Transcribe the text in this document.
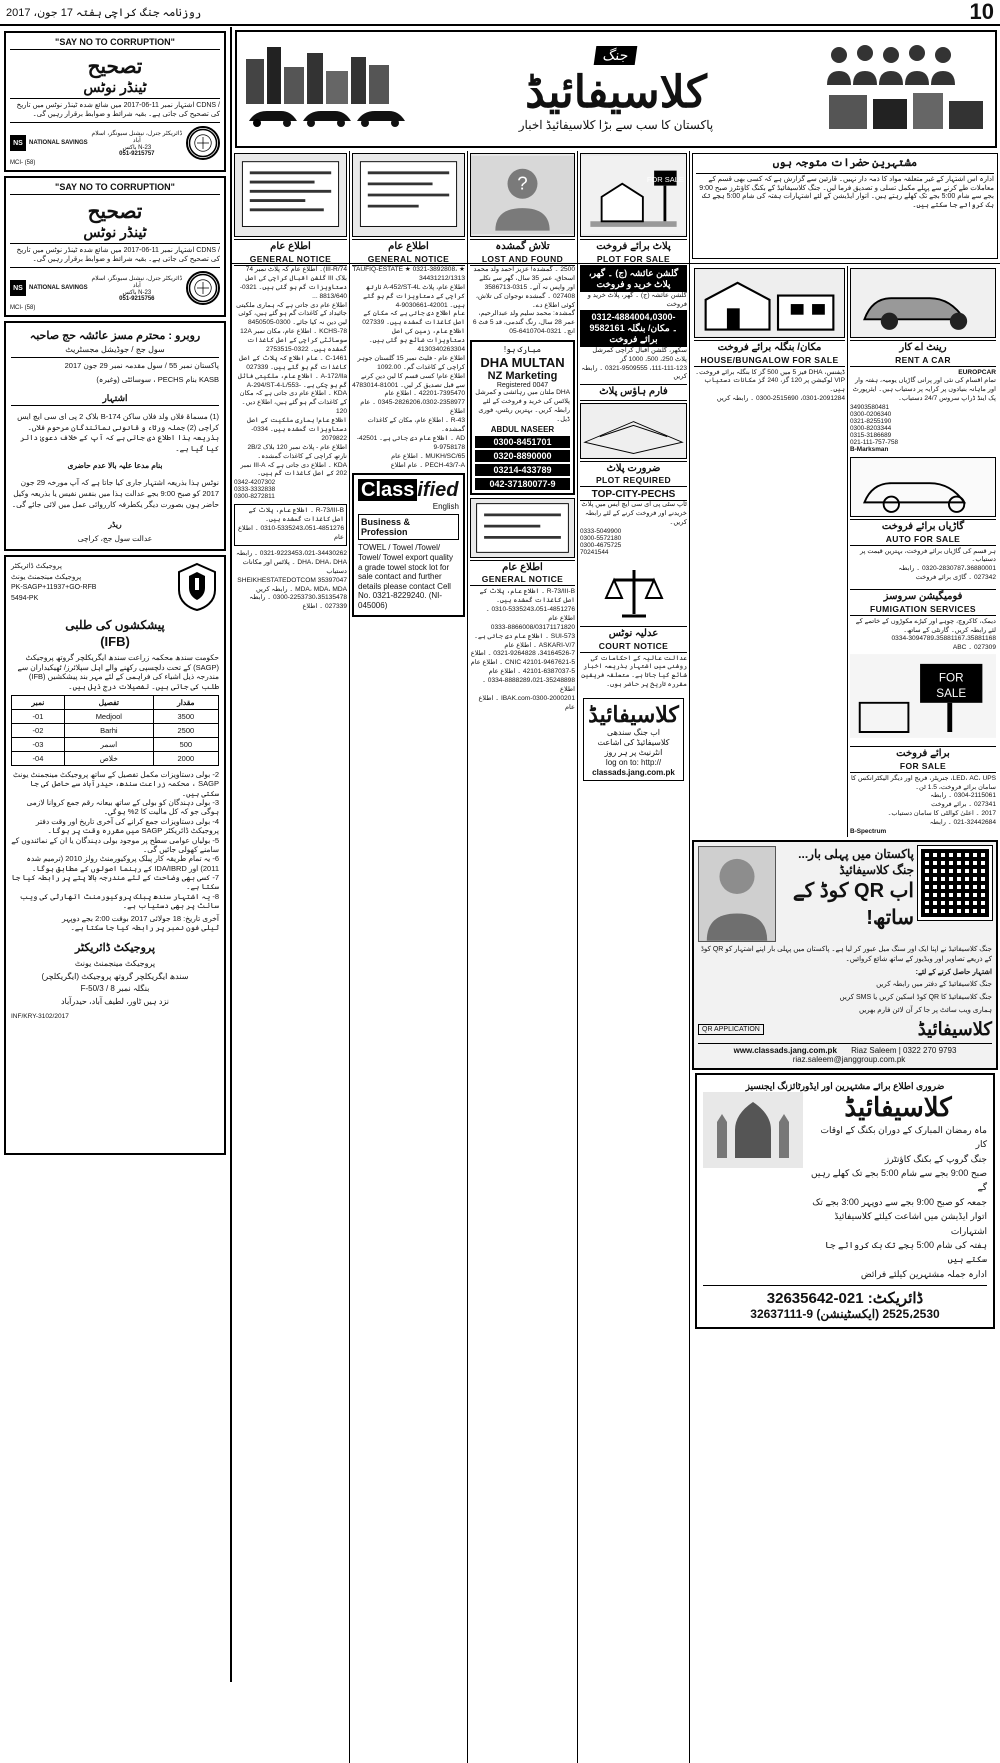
روزنامہ جنگ کراچی ہفتہ 17 جون، 2017	10
"SAY NO TO CORRUPTION"
تصحیح
ٹینڈر نوٹس
/ CDNS اشتہار نمبر 11-06-2017 میں شائع شدہ ٹینڈر نوٹس میں تاریخ کی تصحیح کی جاتی ہے۔ بقیہ شرائط و ضوابط برقرار رہیں گی۔
NS	NATIONAL SAVINGS
ڈائریکٹر جنرل، نیشنل سیونگز، اسلام آباد
23-N باکس
051-9215757
MCI- (58)
"SAY NO TO CORRUPTION"
تصحیح
ٹینڈر نوٹس
/ CDNS اشتہار نمبر 11-06-2017 میں شائع شدہ ٹینڈر نوٹس میں تاریخ کی تصحیح کی جاتی ہے۔ بقیہ شرائط و ضوابط برقرار رہیں گی۔
NS	NATIONAL SAVINGS
ڈائریکٹر جنرل، نیشنل سیونگز، اسلام آباد
23-N باکس
051-9215756
MCI- (58)
روبرو : محترم مسز عائشہ حج صاحبہ
سول جج / جوڈیشل مجسٹریٹ
پاکستان نمبر 55 / سول مقدمہ نمبر 29 جون 2017
KASB بنام PECHS ، سوسائٹی (وغیرہ)
اشتہار
(1) مسماۃ فلاں ولد فلاں ساکن 174-B بلاک 2 پی ای سی ایچ ایس کراچی (2) جملہ ورثاء و قانونی نمائندگان مرحوم فلاں۔ بذریعہ ہذا اطلاع دی جاتی ہے کہ آپ کے خلاف دعویٰ دائر کیا گیا ہے۔
بنام مدعا علیہ بالا عدم حاضری
نوٹس ہذا بذریعہ اشتہار جاری کیا جاتا ہے کہ آپ مورخہ 29 جون 2017 کو صبح 9:00 بجے عدالت ہذا میں بنفس نفیس یا بذریعہ وکیل حاضر ہوں بصورت دیگر یکطرفہ کارروائی عمل میں لائی جائے گی۔
ریڈر
عدالت سول جج، کراچی
پروجیکٹ ڈائریکٹر
پروجیکٹ مینجمنٹ یونٹ
PK-SAGP+11937+GO-RFB
5494-PK
پیشکشوں کی طلبی
(IFB)
حکومت سندھ محکمہ زراعت سندھ ایگریکلچر گروتھ پروجیکٹ (SAGP) کے تحت دلچسپی رکھنے والے اہل سپلائرز/ ٹھیکیداران سے مندرجہ ذیل اشیاء کی فراہمی کے لئے مہر بند پیشکشیں (IFB) طلب کی جاتی ہیں۔ تفصیلات درج ذیل ہیں۔
مقدار	تفصیل	نمبر
3500	Medjool	01-
2500	Barhi	02-
500	اسمر	03-
2000	خلاص	04-
2- بولی دستاویزات مکمل تفصیل کے ساتھ پروجیکٹ مینجمنٹ یونٹ SAGP ، محکمہ زراعت سندھ، حیدرآباد سے حاصل کی جا سکتی ہیں۔
3- بولی دہندگان کو بولی کے ساتھ بیعانہ رقم جمع کروانا لازمی ہوگی جو کہ کل مالیت کا 2% ہوگی۔
4- بولی دستاویزات جمع کرانے کی آخری تاریخ اور وقت دفتر پروجیکٹ ڈائریکٹر SAGP میں مقررہ وقت پر ہوگا۔
5- بولیاں عوامی سطح پر موجود بولی دہندگان یا ان کے نمائندوں کے سامنے کھولی جائیں گی۔
6- یہ تمام طریقہ کار پبلک پروکیورمنٹ رولز 2010 (ترمیم شدہ 2011) اور IDA/IBRD کے رہنما اصولوں کے مطابق ہوگا۔
7- کسی بھی وضاحت کے لئے مندرجہ بالا پتے پر رابطہ کیا جا سکتا ہے۔
8- یہ اشتہار سندھ پبلک پروکیورمنٹ اتھارٹی کی ویب سائٹ پر بھی دستیاب ہے۔
آخری تاریخ: 18 جولائی 2017 بوقت 2:00 بجے دوپہر
ٹیلی فون نمبر پر رابطہ کیا جا سکتا ہے۔
پروجیکٹ ڈائریکٹر
پروجیکٹ مینجمنٹ یونٹ
سندھ ایگریکلچر گروتھ پروجیکٹ (ایگریکلچر)
بنگلہ نمبر 8 / F-50/3
نزد ہیں ٹاور، لطیف آباد، حیدرآباد
INF/KRY-3102/2017
جنگ
کلاسیفائیڈ
پاکستان کا سب سے بڑا کلاسیفائیڈ اخبار
اطلاع عام
GENERAL NOTICE
اطلاع عام
GENERAL NOTICE
?
تلاش گمشدہ
LOST AND FOUND
FOR SALE
پلاٹ برائے فروخت
PLOT FOR SALE
مشتہرین حضرات متوجہ ہوں
ادارہ اس اشتہار کے غیر متعلقہ مواد کا ذمہ دار نہیں۔ قارئین سے گزارش ہے کہ کسی بھی قسم کے معاملات طے کرنے سے پہلے مکمل تسلی و تصدیق فرما لیں۔ جنگ کلاسیفائیڈ کے بکنگ کاؤنٹرز صبح 9:00 بجے سے شام 5:00 بجے تک کھلے رہتے ہیں۔ اتوار ایڈیشن کے لئے اشتہارات ہفتہ کی شام 5:00 بجے تک بک کروائے جا سکتے ہیں۔
74/III-R)۔ اطلاع عام کہ پلاٹ نمبر 74 بلاک III گلشن اقبال کراچی کی اصل دستاویزات گم ہو گئی ہیں۔ 0321-8813/640 ...
اطلاع عام دی جاتی ہے کہ ہماری ملکیتی جائیداد کے کاغذات گم ہو گئے ہیں، کوئی لین دین نہ کیا جائے۔ 0300-8450505
KCHS-78 ۔ اطلاع عام، مکان نمبر 12A سوسائٹی کراچی کے اصل کاغذات گمشدہ ہیں۔ 0322-2753515
C-1461 ۔ عام اطلاع کہ پلاٹ کے اصل کاغذات گم ہو گئے ہیں۔ 027339
A-172/Ila ۔ اطلاع عام، ملکیتی فائل گم ہو چکی ہے۔ -553/A-294/ST-4-L
KDA ۔ اطلاع عام دی جاتی ہے کہ مکان کے کاغذات گم ہو گئے ہیں، اطلاع دیں۔ 120
اطلاع عام! ہماری ملکیت کے اصل دستاویزات گمشدہ ہیں۔ 0334-2079822
اطلاع عام - پلاٹ نمبر 120 بلاک 2B/2 نارتھ کراچی کے کاغذات گمشدہ۔
KDA ۔ اطلاع دی جاتی ہے کہ III-A نمبر 202 کے اصل کاغذات گم ہیں۔
0342-4207302
0333-3332838
0300-8272811
R-73/III-B ۔ اطلاع عام، پلاٹ کے اصل کاغذات گمشدہ ہیں۔
0310-5335243،051-4851276 ۔ اطلاع عام
0321-9223453،021-34430262 ۔ رابطہ
DHA، DHA، DHA ۔ پلاٹس اور مکانات دستیاب
SHEIKHESTATEDOTCOM 35397047
MDA، MDA، MDA ۔ رابطہ کریں
0300-2253730،35135478 ۔ رابطہ
027339 ۔ اطلاع
★ TAUFIQ-ESTATE ★ 0321-3892808، 34431212/1313
اطلاع عام، پلاٹ A-452/ST-4L نارتھ کراچی کے دستاویزات گم ہو گئے ہیں۔ 42001-9030661-4
عام اطلاع دی جاتی ہے کہ مکان کے اصل کاغذات گمشدہ ہیں۔ 027339
اطلاع عام، زمین کی اصل دستاویزات ضائع ہو گئی ہیں۔ 4130340263304
اطلاع عام - فلیٹ نمبر 15 گلستان جوہر کراچی کے کاغذات گم۔ 1092.00
اطلاع عام! کسی قسم کا لین دین کرنے سے قبل تصدیق کر لیں۔ 81001-4783014
42201-7395470 ۔ اطلاع عام
0345-2826206،0302-2358977 ۔ عام اطلاع
R-43 ۔ اطلاع عام، مکان کے کاغذات گمشدہ۔
AD ۔ اطلاع عام دی جاتی ہے۔ 42501-9758178-9
MUKH/SC/65 ۔ اطلاع عام
PECH-43/7-A ۔ عام اطلاع
Class ified
English
Business & Profession
TOWEL / Towel /Towel/ Towel/ Towel export quality a grade towel stock lot for sale contact and further details please contact Cell No. 0321-8229240. (NI-045006)
2500 ۔ گمشدہ! عزیز احمد ولد محمد اسحاق، عمر 35 سال، گھر سے نکلے اور واپس نہ آئے۔ 0315-3586713
027408 ۔ گمشدہ نوجوان کی تلاش، کوئی اطلاع دے۔
گمشدہ: محمد سلیم ولد عبدالرحیم، عمر 28 سال، رنگ گندمی، قد 5 فٹ 6 انچ۔ 0321-6410704-05
مبارک ہو!
DHA MULTAN
NZ Marketing
Registered 0047
DHA ملتان میں رہائشی و کمرشل پلاٹس کی خرید و فروخت کے لئے رابطہ کریں۔ بہترین ریٹس، فوری ڈیل۔
ABDUL NASEER
0300-8451701
0320-8890000
03214-433789
042-37180077-9
اطلاع عام
GENERAL NOTICE
R-73/III-B ۔ اطلاع عام، پلاٹ کے اصل کاغذات گمشدہ ہیں۔
0310-5335243،051-4851276 ۔ اطلاع عام
0333-8866008/03171171820
SUI-573 ۔ اطلاع عام دی جاتی ہے۔
ASKARI-V/7 ۔ اطلاع عام
34164526-7، 0321-9264828 ۔ اطلاع
CNIC 42101-9467621-5 ۔ اطلاع عام
42101-6387037-5 ۔ اطلاع عام
0334-8888289،021-35248898 ۔ اطلاع
IBAK.com-0300-2000201 ۔ اطلاع عام
گلشن عائشہ (ج) ۔ گھر، پلاٹ خرید و فروخت
گلشن عائشہ (ج) ۔ گھر، پلاٹ خرید و فروخت
0312-4884004،0300-9582161 ۔ مکان/ بنگلہ برائے فروخت
سکھر، گلشن اقبال کراچی کمرشل پلاٹ 250، 500، 1000 گز
111-111-123، 0321-9509555 ۔ رابطہ کریں
فارم ہاؤس پلاٹ
ضرورت پلاٹ
PLOT REQUIRED
TOP-CITY-PECHS
ٹاپ سٹی پی ای سی ایچ ایس میں پلاٹ خریدنے اور فروخت کرنے کے لئے رابطہ کریں۔
0333-5049900
0300-5572180
0300-4675725
70241544
عدلیہ نوٹس
COURT NOTICE
عدالت عالیہ کے احکامات کی روشنی میں اشتہار بذریعہ اخبار شائع کیا جاتا ہے۔ متعلقہ فریقین مقررہ تاریخ پر حاضر ہوں۔
کلاسیفائیڈ
اب جنگ سندھی
کلاسیفائیڈ کی اشاعت
انٹرنیٹ پر ہر روز
log on to: http://
classads.jang.com.pk
مکان/ بنگلہ برائے فروخت
HOUSE/BUNGALOW FOR SALE
ڈیفنس، DHA فیز 5 میں 500 گز کا بنگلہ برائے فروخت۔
VIP لوکیشن پر 120 گز، 240 گز مکانات دستیاب ہیں۔
0301-2091284، 0300-2515690 ۔ رابطہ کریں
رینٹ اے کار
RENT A CAR
EUROPCAR
تمام اقسام کی نئی اور پرانی گاڑیاں یومیہ، ہفتہ وار اور ماہانہ بنیادوں پر کرایہ پر دستیاب ہیں۔ ایئرپورٹ پک اینڈ ڈراپ سروس 24/7 دستیاب۔
34903580481
0300-0206340
0321-8255190
0300-8203344
0315-3186689
021-111-757-758
B-Marksman
گاڑیاں برائے فروخت
AUTO FOR SALE
ہر قسم کی گاڑیاں برائے فروخت، بہترین قیمت پر دستیاب۔
0320-2830787،36880001 ۔ رابطہ
027342 ۔ گاڑی برائے فروخت
فومیگیشن سروسز
FUMIGATION SERVICES
دیمک، کاکروچ، چوہے اور کیڑے مکوڑوں کے خاتمے کے لئے رابطہ کریں۔ گارنٹی کے ساتھ۔
0334-3094789،35881167،35881168
027309 ۔ ABC
FOR
SALE
برائے فروخت
FOR SALE
LED، AC، UPS، جنریٹر، فریج اور دیگر الیکٹرانکس کا سامان برائے فروخت، 1.5 ٹن۔
0304-2115061 ۔ رابطہ
027341 ۔ برائے فروخت
2017 ۔ اعلیٰ کوالٹی کا سامان دستیاب۔
021-32442684 ۔ رابطہ
B-Spectrum
پاکستان میں پہلی بار... جنگ کلاسیفائیڈ
اب QR کوڈ کے ساتھ!
جنگ کلاسیفائیڈ نے اپنا ایک اور سنگ میل عبور کر لیا ہے۔ پاکستان میں پہلی بار اپنے اشتہار کو QR کوڈ کے ذریعے تصاویر اور ویڈیوز کے ساتھ شائع کروائیں۔
اشتہار حاصل کرنے کے لئے:
جنگ کلاسیفائیڈ کے دفتر میں رابطہ کریں
جنگ کلاسیفائیڈ کا QR کوڈ اسکین کریں یا SMS کریں
ہماری ویب سائٹ پر جا کر آن لائن فارم بھریں
QR APPLICATION	کلاسیفائیڈ
www.classads.jang.com.pk Riaz Saleem | 0322 270 9793 riaz.saleem@janggroup.com.pk
ضروری اطلاع برائے مشتہرین اور ایڈورٹائزنگ ایجنسیز
کلاسیفائیڈ
ماہ رمضان المبارک کے دوران بکنگ کے اوقات کار
جنگ گروپ کے بکنگ کاؤنٹرز
صبح 9:00 بجے سے شام 5:00 بجے تک کھلے رہیں گے
جمعہ کو صبح 9:00 بجے سے دوپہر 3:00 بجے تک
اتوار ایڈیشن میں اشاعت کیلئے کلاسیفائیڈ اشتہارات
ہفتہ کی شام 5:00 بجے تک بک کروائے جا سکتے ہیں
ادارہ جملہ مشتہرین کیلئے فرائض
ڈائریکٹ: 021-32635642
32637111-9 (ایکسٹینشن) 2525،2530
